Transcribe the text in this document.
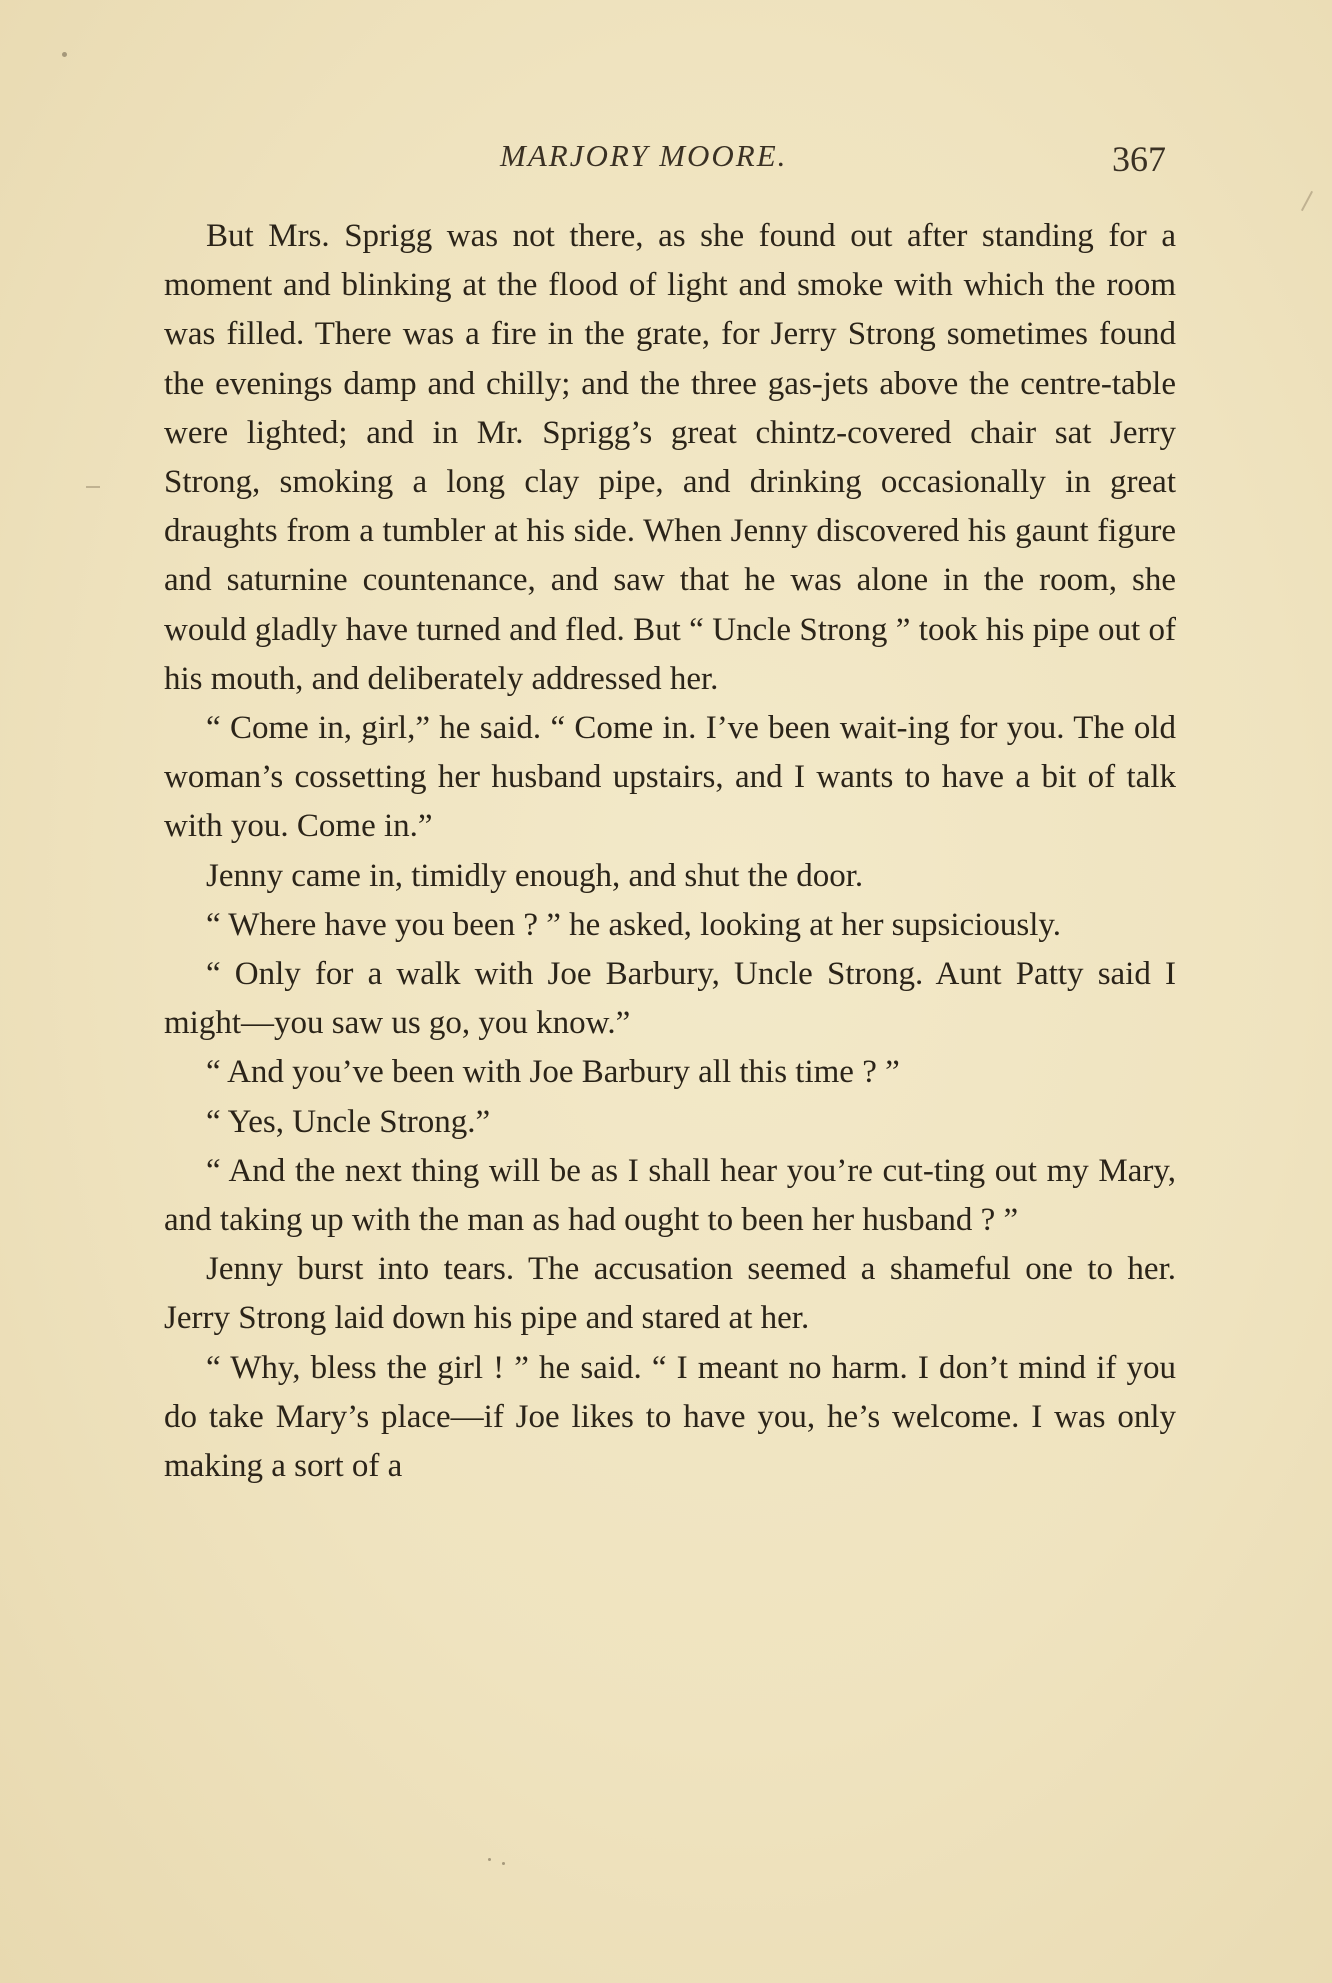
MARJORY MOORE.	367

But Mrs. Sprigg was not there, as she found out after standing for a moment and blinking at the flood of light and smoke with which the room was filled. There was a fire in the grate, for Jerry Strong sometimes found the evenings damp and chilly; and the three gas-jets above the centre-table were lighted; and in Mr. Sprigg’s great chintz-covered chair sat Jerry Strong, smoking a long clay pipe, and drinking occasionally in great draughts from a tumbler at his side. When Jenny discovered his gaunt figure and saturnine countenance, and saw that he was alone in the room, she would gladly have turned and fled. But “ Uncle Strong ” took his pipe out of his mouth, and deliberately addressed her.

“ Come in, girl,” he said. “ Come in. I’ve been wait-ing for you. The old woman’s cossetting her husband upstairs, and I wants to have a bit of talk with you. Come in.”

Jenny came in, timidly enough, and shut the door.

“ Where have you been ? ” he asked, looking at her supsiciously.

“ Only for a walk with Joe Barbury, Uncle Strong. Aunt Patty said I might—you saw us go, you know.”

“ And you’ve been with Joe Barbury all this time ? ”

“ Yes, Uncle Strong.”

“ And the next thing will be as I shall hear you’re cut-ting out my Mary, and taking up with the man as had ought to been her husband ? ”

Jenny burst into tears. The accusation seemed a shameful one to her. Jerry Strong laid down his pipe and stared at her.

“ Why, bless the girl ! ” he said. “ I meant no harm. I don’t mind if you do take Mary’s place—if Joe likes to have you, he’s welcome. I was only making a sort of a
